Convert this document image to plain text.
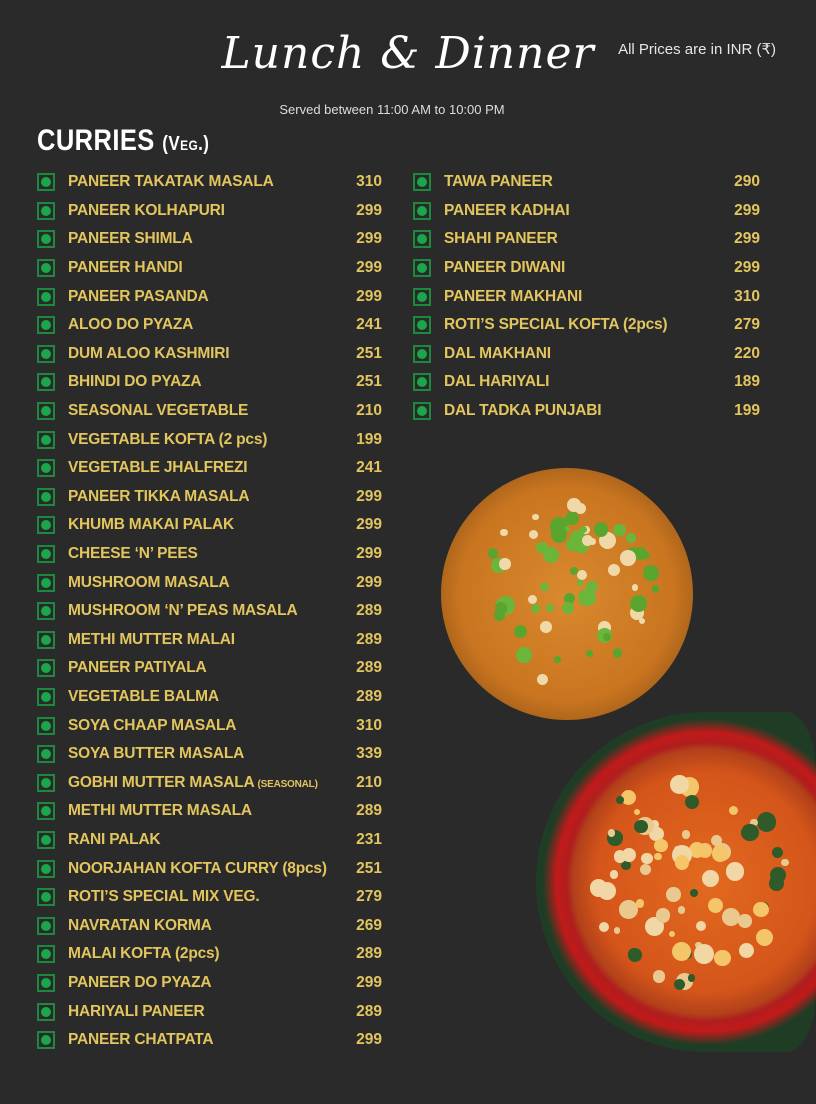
Lunch & Dinner
Served between 11:00 AM to 10:00 PM
All Prices are in INR (₹)
CURRIES (Veg.)
PANEER TAKATAK MASALA	310
PANEER KOLHAPURI	299
PANEER SHIMLA	299
PANEER HANDI	299
PANEER PASANDA	299
ALOO DO PYAZA	241
DUM ALOO KASHMIRI	251
BHINDI DO PYAZA	251
SEASONAL VEGETABLE	210
VEGETABLE KOFTA (2 pcs)	199
VEGETABLE JHALFREZI	241
PANEER TIKKA MASALA	299
KHUMB MAKAI PALAK	299
CHEESE ‘N’ PEES	299
MUSHROOM MASALA	299
MUSHROOM ‘N’ PEAS MASALA	289
METHI MUTTER MALAI	289
PANEER PATIYALA	289
VEGETABLE BALMA	289
SOYA CHAAP MASALA	310
SOYA BUTTER MASALA	339
GOBHI MUTTER MASALA (SEASONAL)	210
METHI MUTTER MASALA	289
RANI PALAK	231
NOORJAHAN KOFTA CURRY (8pcs)	251
ROTI’S SPECIAL MIX VEG.	279
NAVRATAN KORMA	269
MALAI KOFTA (2pcs)	289
PANEER DO PYAZA	299
HARIYALI PANEER	289
PANEER CHATPATA	299
TAWA PANEER	290
PANEER KADHAI	299
SHAHI PANEER	299
PANEER DIWANI	299
PANEER MAKHANI	310
ROTI’S SPECIAL KOFTA (2pcs)	279
DAL MAKHANI	220
DAL HARIYALI	189
DAL TADKA PUNJABI	199
